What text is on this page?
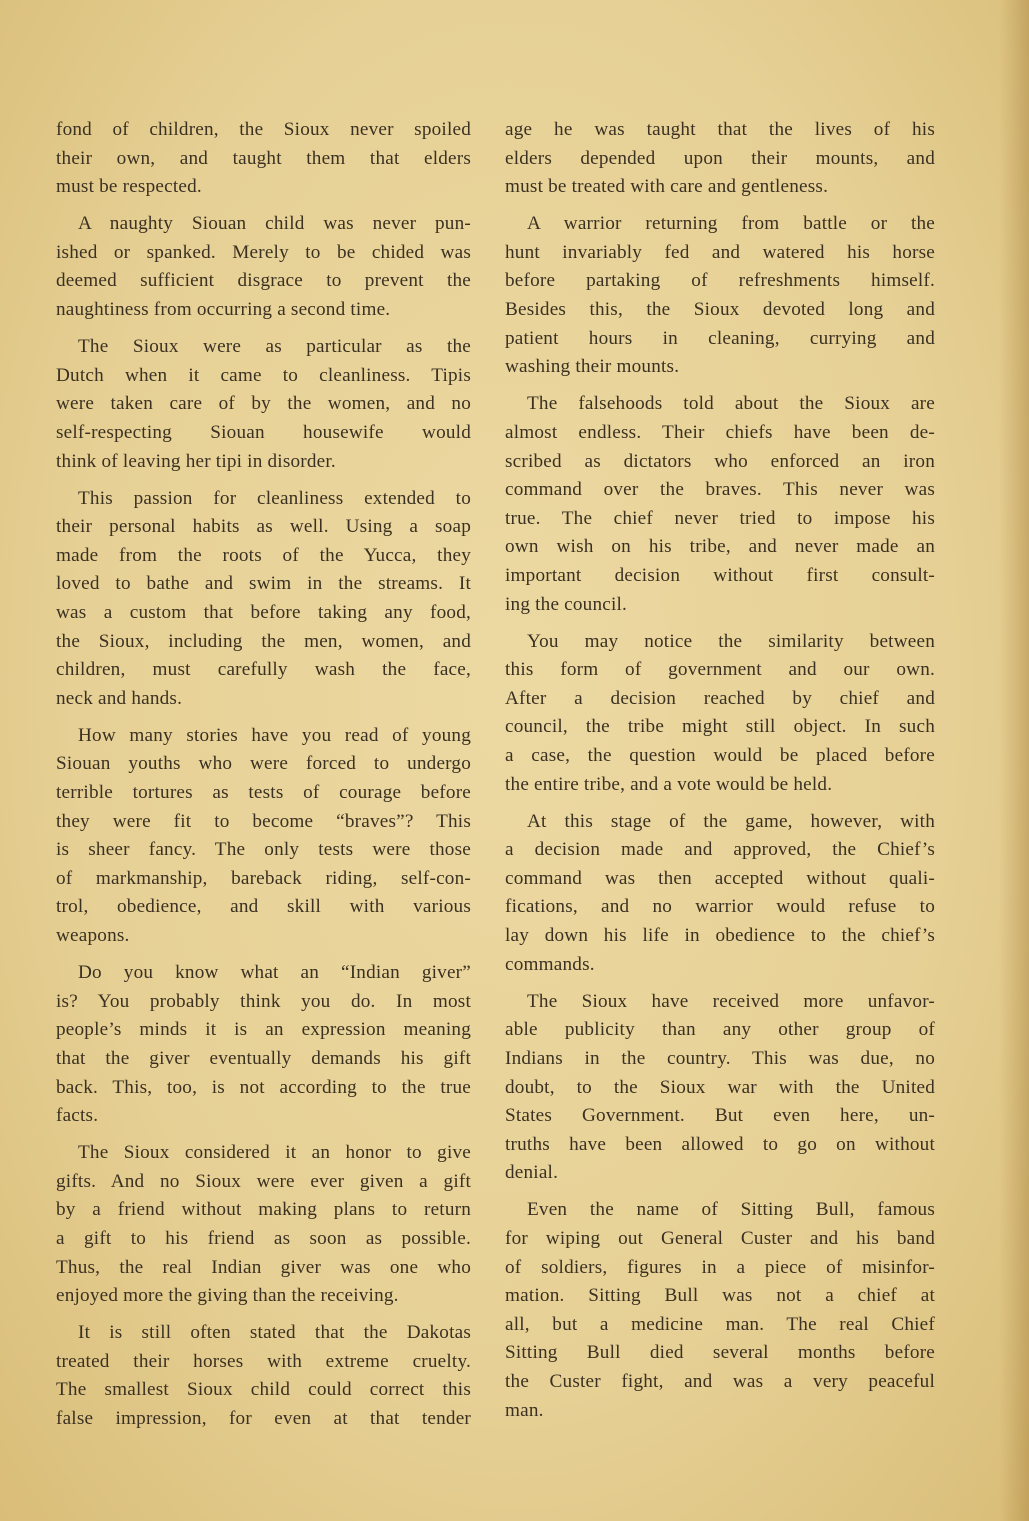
fond of children, the Sioux never spoiled
their own, and taught them that elders
must be respected.
A naughty Siouan child was never pun-
ished or spanked. Merely to be chided was
deemed sufficient disgrace to prevent the
naughtiness from occurring a second time.
The Sioux were as particular as the
Dutch when it came to cleanliness. Tipis
were taken care of by the women, and no
self-respecting Siouan housewife would
think of leaving her tipi in disorder.
This passion for cleanliness extended to
their personal habits as well. Using a soap
made from the roots of the Yucca, they
loved to bathe and swim in the streams. It
was a custom that before taking any food,
the Sioux, including the men, women, and
children, must carefully wash the face,
neck and hands.
How many stories have you read of young
Siouan youths who were forced to undergo
terrible tortures as tests of courage before
they were fit to become “braves”? This
is sheer fancy. The only tests were those
of markmanship, bareback riding, self-con-
trol, obedience, and skill with various
weapons.
Do you know what an “Indian giver”
is? You probably think you do. In most
people’s minds it is an expression meaning
that the giver eventually demands his gift
back. This, too, is not according to the true
facts.
The Sioux considered it an honor to give
gifts. And no Sioux were ever given a gift
by a friend without making plans to return
a gift to his friend as soon as possible.
Thus, the real Indian giver was one who
enjoyed more the giving than the receiving.
It is still often stated that the Dakotas
treated their horses with extreme cruelty.
The smallest Sioux child could correct this
false impression, for even at that tender
age he was taught that the lives of his
elders depended upon their mounts, and
must be treated with care and gentleness.
A warrior returning from battle or the
hunt invariably fed and watered his horse
before partaking of refreshments himself.
Besides this, the Sioux devoted long and
patient hours in cleaning, currying and
washing their mounts.
The falsehoods told about the Sioux are
almost endless. Their chiefs have been de-
scribed as dictators who enforced an iron
command over the braves. This never was
true. The chief never tried to impose his
own wish on his tribe, and never made an
important decision without first consult-
ing the council.
You may notice the similarity between
this form of government and our own.
After a decision reached by chief and
council, the tribe might still object. In such
a case, the question would be placed before
the entire tribe, and a vote would be held.
At this stage of the game, however, with
a decision made and approved, the Chief’s
command was then accepted without quali-
fications, and no warrior would refuse to
lay down his life in obedience to the chief’s
commands.
The Sioux have received more unfavor-
able publicity than any other group of
Indians in the country. This was due, no
doubt, to the Sioux war with the United
States Government. But even here, un-
truths have been allowed to go on without
denial.
Even the name of Sitting Bull, famous
for wiping out General Custer and his band
of soldiers, figures in a piece of misinfor-
mation. Sitting Bull was not a chief at
all, but a medicine man. The real Chief
Sitting Bull died several months before
the Custer fight, and was a very peaceful
man.
